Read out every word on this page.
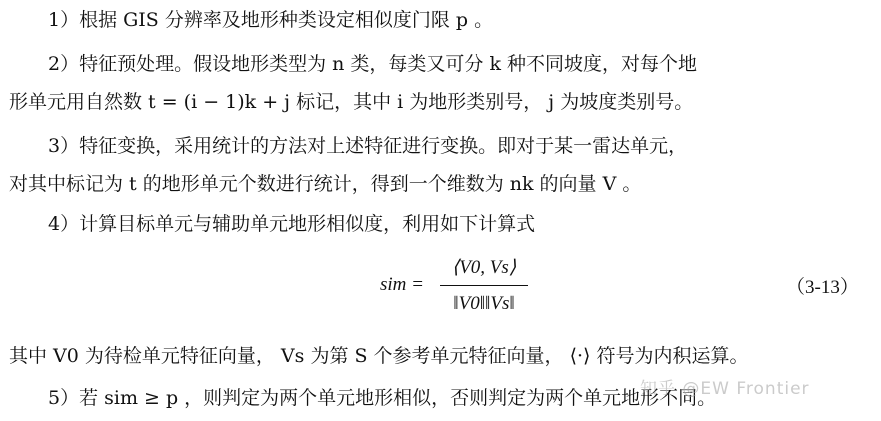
1）根据 GIS 分辨率及地形种类设定相似度门限 p 。
2）特征预处理。假设地形类型为 n 类，每类又可分 k 种不同坡度，对每个地
形单元用自然数 t = (i − 1)k + j 标记，其中 i 为地形类别号， j 为坡度类别号。
3）特征变换，采用统计的方法对上述特征进行变换。即对于某一雷达单元，
对其中标记为 t 的地形单元个数进行统计，得到一个维数为 nk 的向量 V 。
4）计算目标单元与辅助单元地形相似度，利用如下计算式
sim =
⟨V0, Vs⟩
‖V0‖‖Vs‖
（3-13）
其中 V0 为待检单元特征向量， Vs 为第 S 个参考单元特征向量， ⟨·⟩ 符号为内积运算。
5）若 sim ≥ p ，则判定为两个单元地形相似，否则判定为两个单元地形不同。
知乎 @EW Frontier
